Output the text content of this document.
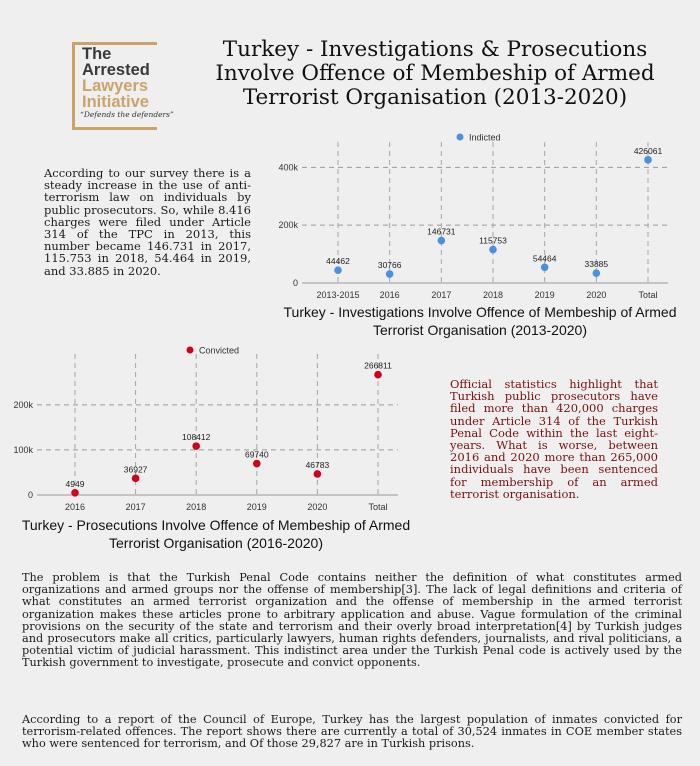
The
Arrested
Lawyers
Initiative
“Defends the defenders”
Turkey - Investigations & Prosecutions Involve Offence of Membeship of Armed Terrorist Organisation (2013-2020)
According to our survey there is a steady increase in the use of anti-terrorism law on individuals by public prosecutors. So, while 8.416 charges were filed under Article 314 of the TPC in 2013, this number became 146.731 in 2017, 115.753 in 2018, 54.464 in 2019, and 33.885 in 2020.
Official statistics highlight that Turkish public prosecutors have filed more than 420,000 charges under Article 314 of the Turkish Penal Code within the last eight-years. What is worse, between 2016 and 2020 more than 265,000 individuals have been sentenced for membership of an armed terrorist organisation.
The problem is that the Turkish Penal Code contains neither the definition of what constitutes armed organizations and armed groups nor the offense of membership[3]. The lack of legal definitions and criteria of what constitutes an armed terrorist organization and the offense of membership in the armed terrorist organization makes these articles prone to arbitrary application and abuse. Vague formulation of the criminal provisions on the security of the state and terrorism and their overly broad interpretation[4] by Turkish judges and prosecutors make all critics, particularly lawyers, human rights defenders, journalists, and rival politicians, a potential victim of judicial harassment. This indistinct area under the Turkish Penal code is actively used by the Turkish government to investigate, prosecute and convict opponents.
According to a report of the Council of Europe, Turkey has the largest population of inmates convicted for terrorism-related offences. The report shows there are currently a total of 30,524 inmates in COE member states who were sentenced for terrorism, and Of those 29,827 are in Turkish prisons.
0
200k
400k
2013-2015 2016	2017	2018	2019	2020	Total
Indicted
44462	30766
146731
115753
54464
33885
426061
Turkey - Investigations Involve Offence of Membeship of Armed Terrorist Organisation (2013-2020)
0
100k
200k
2016	2017	2018	2019	2020	Total
Convicted
4949
36927
108412
69740
46783
266811
Turkey - Prosecutions Involve Offence of Membeship of Armed Terrorist Organisation (2016-2020)
